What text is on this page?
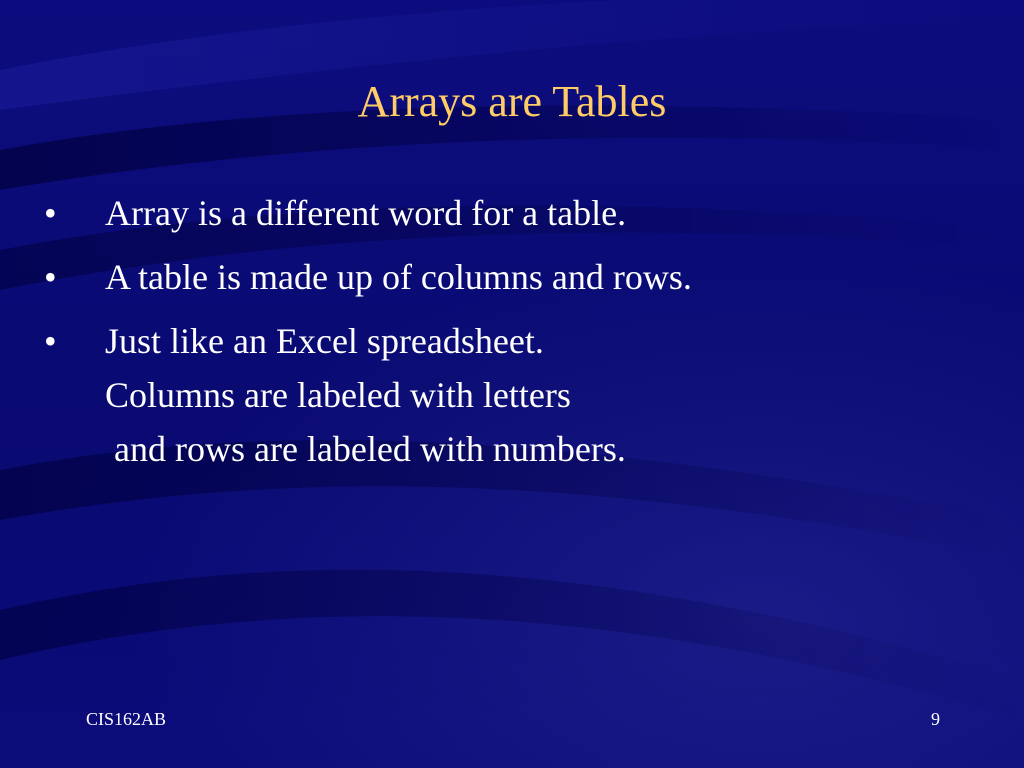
Arrays are Tables
•	Array is a different word for a table.
•	A table is made up of columns and rows.
•	Just like an Excel spreadsheet.
Columns are labeled with letters
and rows are labeled with numbers.
CIS162AB	9
